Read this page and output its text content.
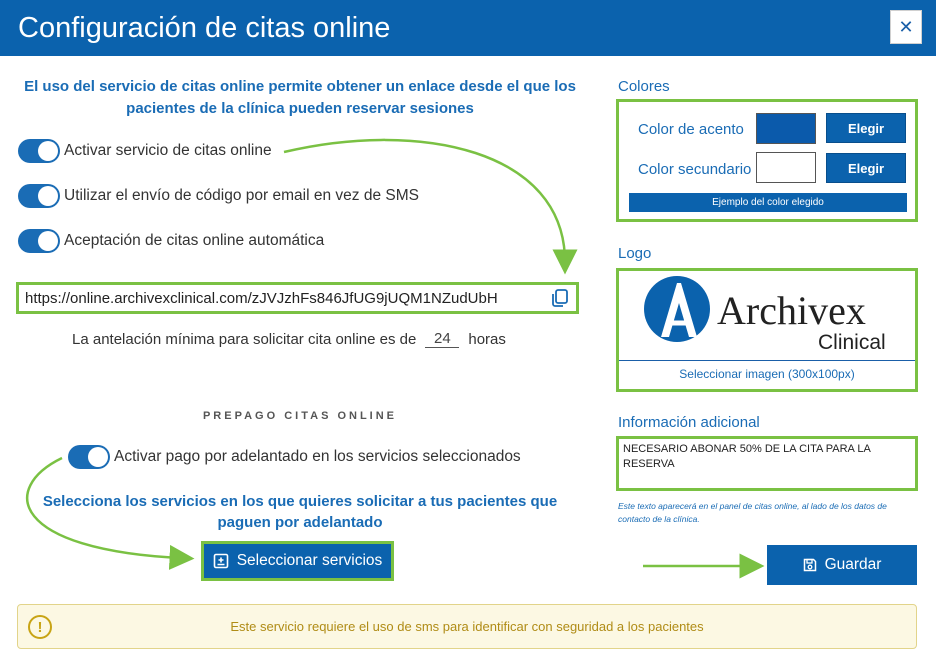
Configuración de citas online	✕
El uso del servicio de citas online permite obtener un enlace desde el que los pacientes de la clínica pueden reservar sesiones
Activar servicio de citas online
Utilizar el envío de código por email en vez de SMS
Aceptación de citas online automática
https://online.archivexclinical.com/zJVJzhFs846JfUG9jUQM1NZudUbH
La antelación mínima para solicitar cita online es de
24	horas
PREPAGO CITAS ONLINE
Activar pago por adelantado en los servicios seleccionados
Selecciona los servicios en los que quieres solicitar a tus pacientes que paguen por adelantado
Seleccionar servicios
Colores
Color de acento	Elegir
Color secundario	Elegir
Ejemplo del color elegido
Logo
Archivex
Clinical
Seleccionar imagen (300x100px)
Información adicional
NECESARIO ABONAR 50% DE LA CITA PARA LA RESERVA
Este texto aparecerá en el panel de citas online, al lado de los datos de contacto de la clínica.
Guardar
!	Este servicio requiere el uso de sms para identificar con seguridad a los pacientes
